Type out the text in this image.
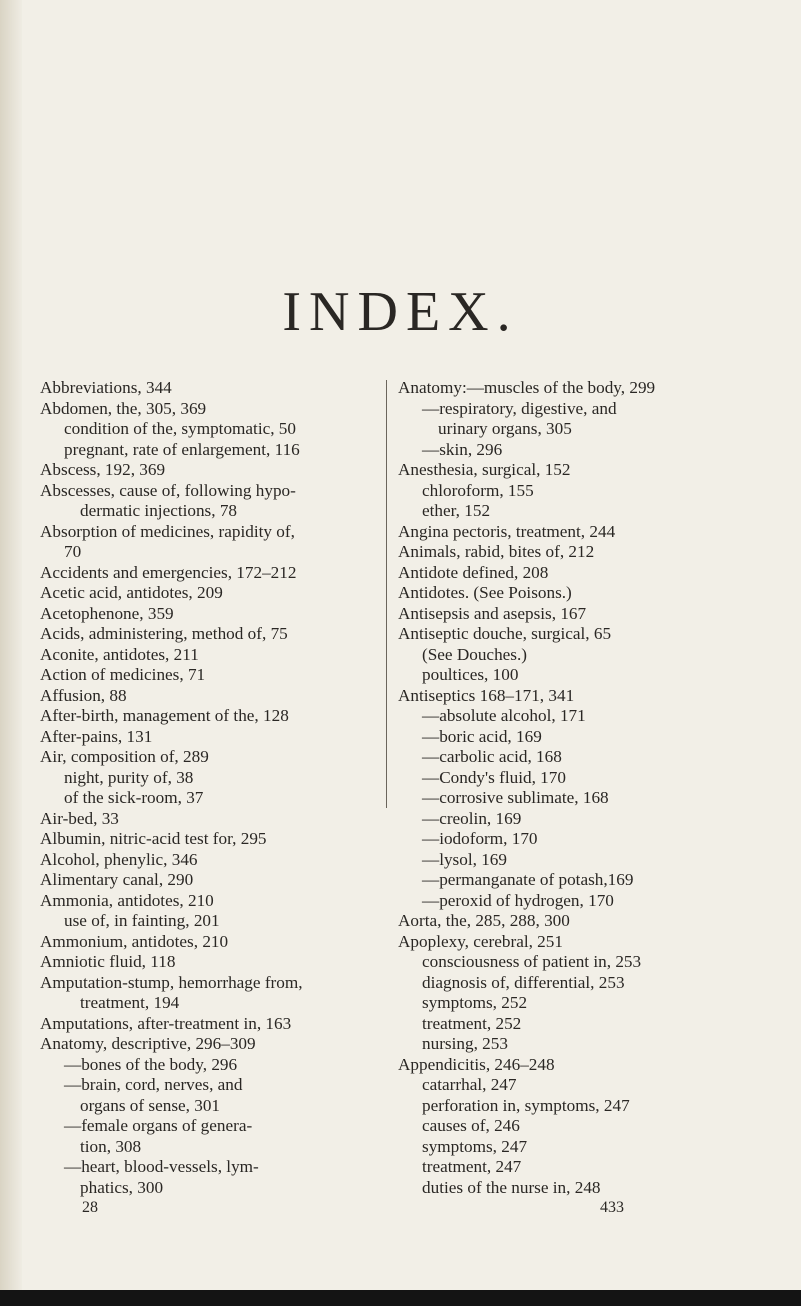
INDEX.
Abbreviations, 344
Abdomen, the, 305, 369
condition of the, symptomatic, 50
pregnant, rate of enlargement, 116
Abscess, 192, 369
Abscesses, cause of, following hypo-
dermatic injections, 78
Absorption of medicines, rapidity of,
70
Accidents and emergencies, 172–212
Acetic acid, antidotes, 209
Acetophenone, 359
Acids, administering, method of, 75
Aconite, antidotes, 211
Action of medicines, 71
Affusion, 88
After-birth, management of the, 128
After-pains, 131
Air, composition of, 289
night, purity of, 38
of the sick-room, 37
Air-bed, 33
Albumin, nitric-acid test for, 295
Alcohol, phenylic, 346
Alimentary canal, 290
Ammonia, antidotes, 210
use of, in fainting, 201
Ammonium, antidotes, 210
Amniotic fluid, 118
Amputation-stump, hemorrhage from,
treatment, 194
Amputations, after-treatment in, 163
Anatomy, descriptive, 296–309
—bones of the body, 296
—brain, cord, nerves, and
organs of sense, 301
—female organs of genera-
tion, 308
—heart, blood-vessels, lym-
phatics, 300
28
Anatomy:—muscles of the body, 299
—respiratory, digestive, and
urinary organs, 305
—skin, 296
Anesthesia, surgical, 152
chloroform, 155
ether, 152
Angina pectoris, treatment, 244
Animals, rabid, bites of, 212
Antidote defined, 208
Antidotes. (See Poisons.)
Antisepsis and asepsis, 167
Antiseptic douche, surgical, 65
(See Douches.)
poultices, 100
Antiseptics 168–171, 341
—absolute alcohol, 171
—boric acid, 169
—carbolic acid, 168
—Condy's fluid, 170
—corrosive sublimate, 168
—creolin, 169
—iodoform, 170
—lysol, 169
—permanganate of potash,169
—peroxid of hydrogen, 170
Aorta, the, 285, 288, 300
Apoplexy, cerebral, 251
consciousness of patient in, 253
diagnosis of, differential, 253
symptoms, 252
treatment, 252
nursing, 253
Appendicitis, 246–248
catarrhal, 247
perforation in, symptoms, 247
causes of, 246
symptoms, 247
treatment, 247
duties of the nurse in, 248
433
